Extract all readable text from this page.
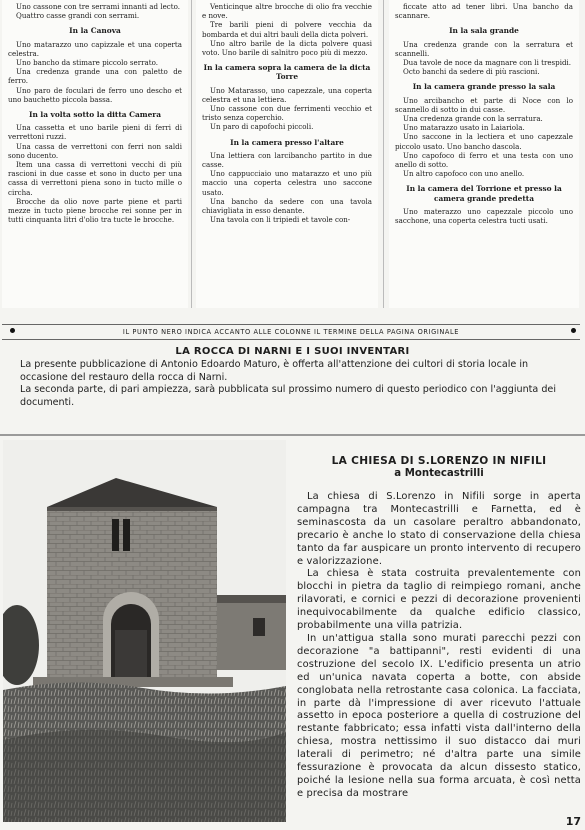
Uno cassone con tre serrami innanti ad lecto.

Quattro casse grandi con serrami.

In la Canova

Uno matarazzo uno capizzale et una coperta celestra.

Uno bancho da stimare piccolo serrato.

Una credenza grande una con paletto de ferro.

Uno paro de foculari de ferro uno descho et uno bauchetto piccola bassa.

In la volta sotto la ditta Camera

Una cassetta et uno barile pieni di ferri di verrettoni ruzzi.

Una cassa de verrettoni con ferri non saldi sono ducento.

Item una cassa di verrettoni vecchi di più rascioni in due casse et sono in ducto per una cassa di verrettoni piena sono in tucto mille o circha.

Brocche da olio nove parte piene et parti mezze in tucto piene brocche rei sonne per in tutti cinquanta litri d'olio tra tucte le brocche.

Venticinque altre brocche di olio fra vecchie e nove.

Tre barili pieni di polvere vecchia da bombarda et dui altri bauli della dicta polveri.

Uno altro barile de la dicta polvere quasi voto. Uno barile di salnitro poco più di mezzo.

In la camera sopra la camera de la dicta Torre

Uno Matarasso, uno capezzale, una coperta celestra et una lettiera.

Uno cassone con due ferrimenti vecchio et tristo senza coperchio.

Un paro di capofochi piccoli.

In la camera presso l'altare

Una lettiera con larcibancho partito in due casse.

Uno cappucciaio uno matarazzo et uno più maccio una coperta celestra uno saccone usato.

Una bancho da sedere con una tavola chiavigliata in esso denante.

Una tavola con li tripiedi et tavole con-

ficcate atto ad tener libri. Una bancho da scannare.

In la sala grande

Una credenza grande con la serratura et scannelli.

Dua tavole de noce da magnare con li trespidi.

Octo banchi da sedere di più rascioni.

In la camera grande presso la sala

Uno arcibancho et parte di Noce con lo scannello di sotto in dui casse.

Una credenza grande con la serratura.

Uno matarazzo usato in Laiariola.

Uno saccone in la lectiera et uno capezzale piccolo usato. Uno bancho dascola.

Uno capofoco di ferro et una testa con uno anello di sotto.

Un altro capofoco con uno anello.

In la camera del Torrione et presso la camera grande predetta

Uno materazzo uno capezzale piccolo uno sacchone, una coperta celestra tucti usati.

IL PUNTO NERO INDICA ACCANTO ALLE COLONNE IL TERMINE DELLA PAGINA ORIGINALE
LA ROCCA DI NARNI E I SUOI INVENTARI

La presente pubblicazione di Antonio Edoardo Maturo, è offerta all'attenzione dei cultori di storia locale in occasione del restauro della rocca di Narni.

La seconda parte, di pari ampiezza, sarà pubblicata sul prossimo numero di questo periodico con l'aggiunta dei documenti.

LA CHIESA DI S.LORENZO IN NIFILI
a Montecastrilli

La chiesa di S.Lorenzo in Nifili sorge in aperta campagna tra Montecastrilli e Farnetta, ed è seminascosta da un casolare peraltro abbandonato, precario è anche lo stato di conservazione della chiesa tanto da far auspicare un pronto intervento di recupero e valorizzazione.

La chiesa è stata costruita prevalentemente con blocchi in pietra da taglio di reimpiego romani, anche rilavorati, e cornici e pezzi di decorazione provenienti inequivocabilmente da qualche edificio classico, probabilmente una villa patrizia.

In un'attigua stalla sono murati parecchi pezzi con decorazione "a battipanni", resti evidenti di una costruzione del secolo IX. L'edificio presenta un atrio ed un'unica navata coperta a botte, con abside conglobata nella retrostante casa colonica. La facciata, in parte dà l'impressione di aver ricevuto l'attuale assetto in epoca posteriore a quella di costruzione del restante fabbricato; essa infatti vista dall'interno della chiesa, mostra nettissimo il suo distacco dai muri laterali di perimetro; né d'altra parte una simile fessurazione è provocata da alcun dissesto statico, poiché la lesione nella sua forma arcuata, è così netta e precisa da mostrare

17
